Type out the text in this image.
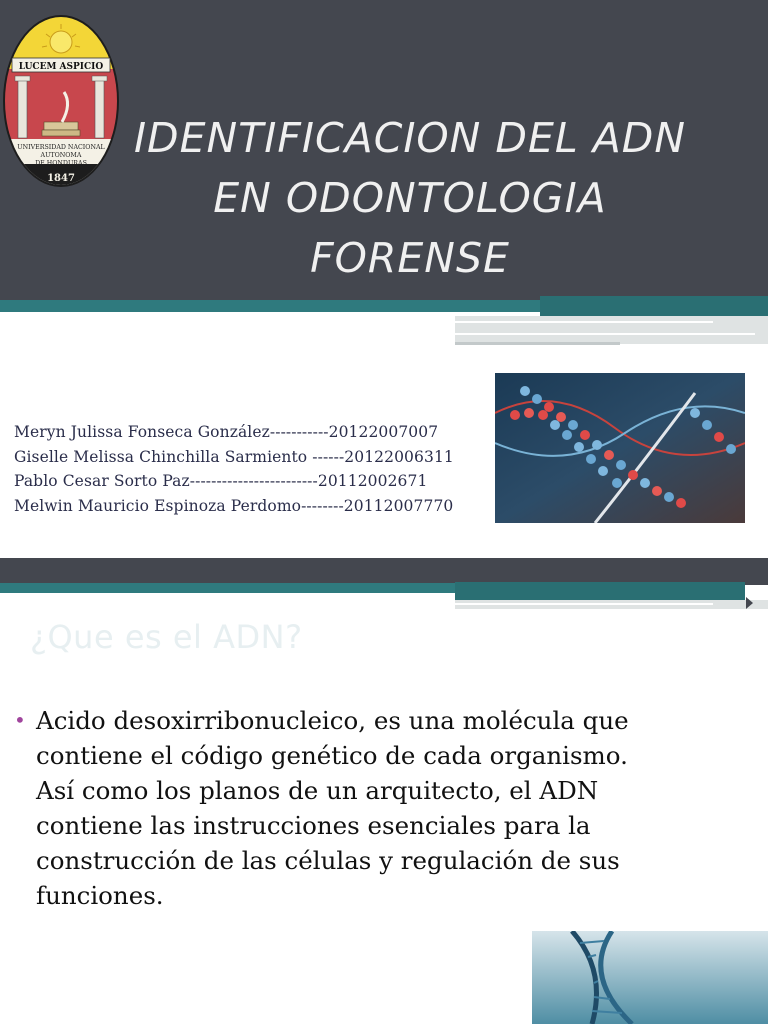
LUCEM ASPICIO
UNIVERSIDAD NACIONAL
AUTONOMA
DE HONDURAS
1847
IDENTIFICACION DEL ADN
EN ODONTOLOGIA
FORENSE
Meryn Julissa Fonseca González-----------20122007007
Giselle Melissa Chinchilla Sarmiento ------20122006311
Pablo Cesar Sorto Paz------------------------20112002671
Melwin Mauricio Espinoza Perdomo--------20112007770
¿Que es el ADN?
• Acido desoxirribonucleico, es una molécula que contiene el código genético de cada organismo. Así como los planos de un arquitecto, el ADN contiene las instrucciones esenciales para la construcción de las células y regulación de sus funciones.
